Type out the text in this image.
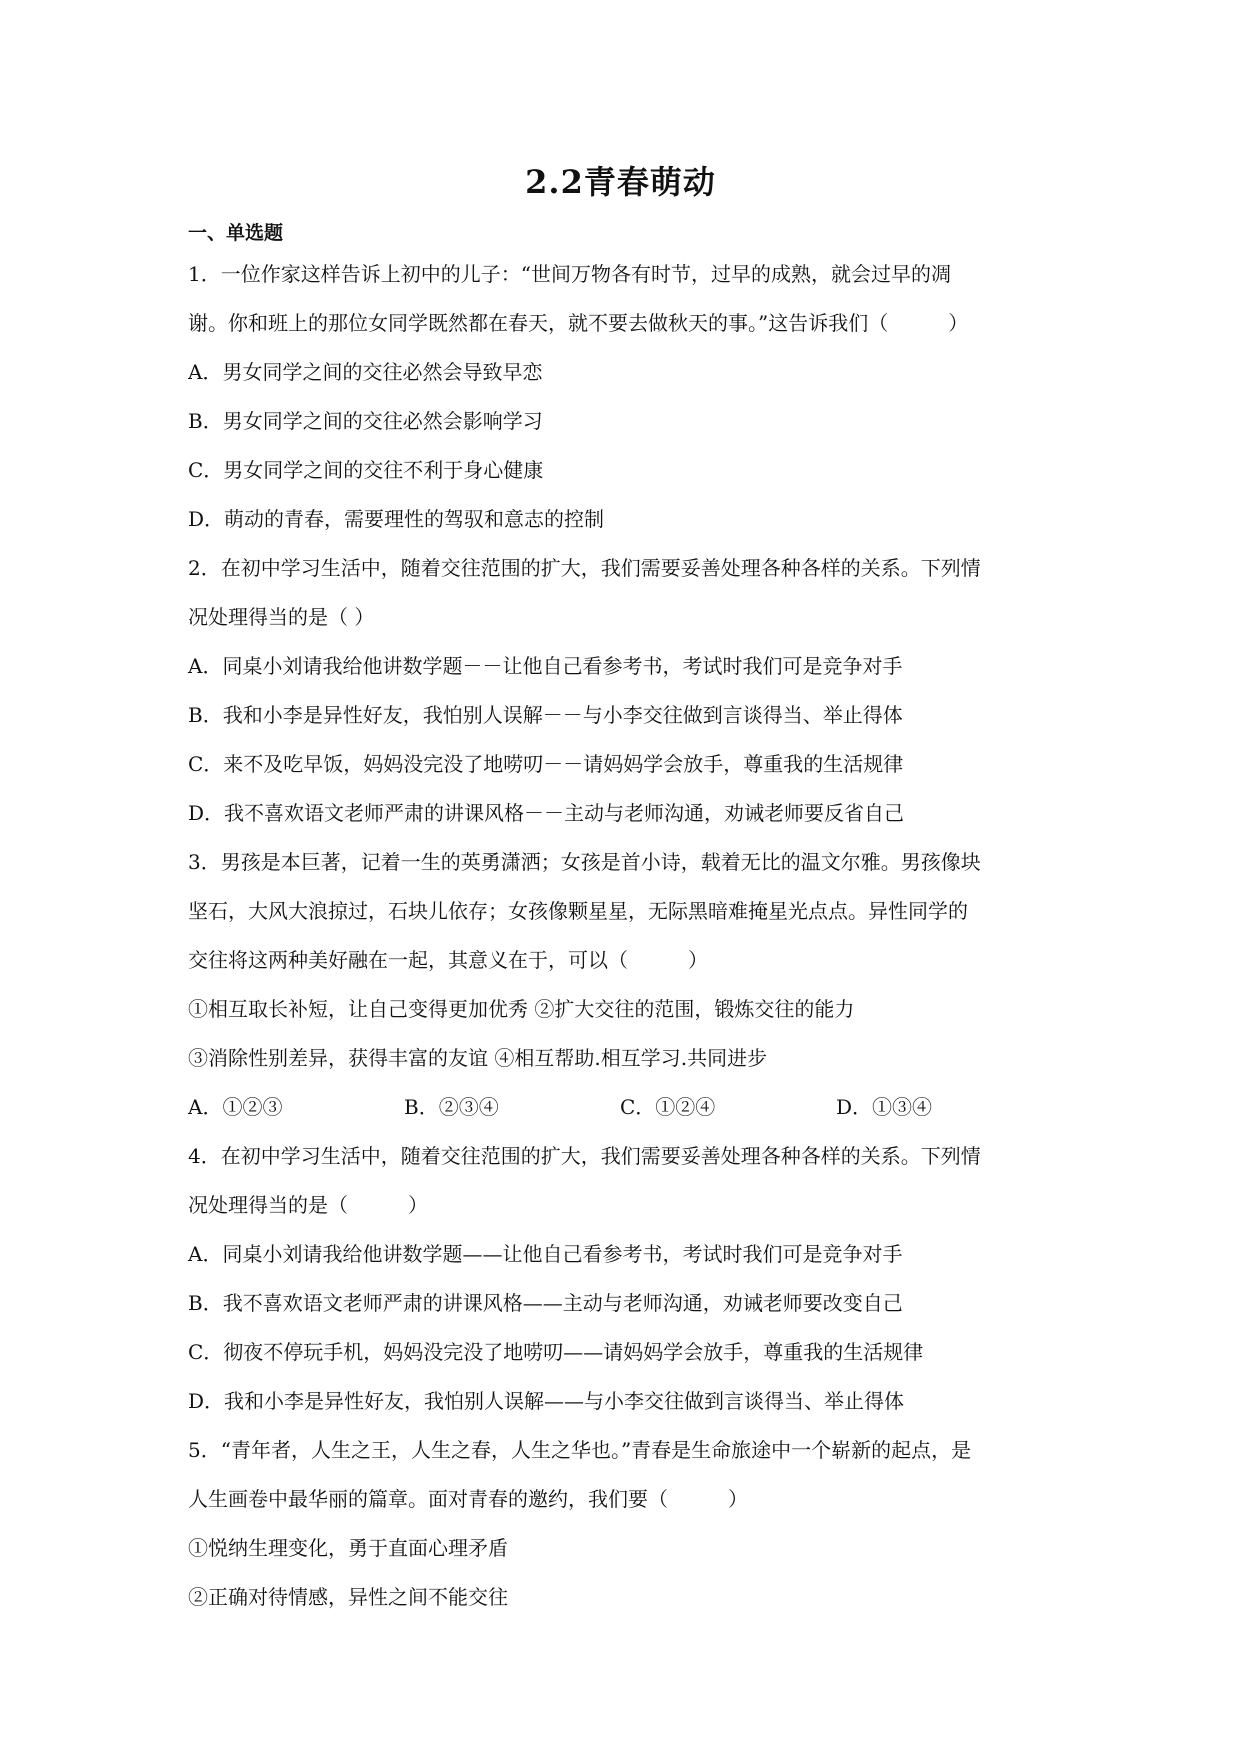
2.2青春萌动
一、单选题
1．一位作家这样告诉上初中的儿子：“世间万物各有时节，过早的成熟，就会过早的凋
谢。你和班上的那位女同学既然都在春天，就不要去做秋天的事。”这告诉我们（　　　）
A．男女同学之间的交往必然会导致早恋
B．男女同学之间的交往必然会影响学习
C．男女同学之间的交往不利于身心健康
D．萌动的青春，需要理性的驾驭和意志的控制
2．在初中学习生活中，随着交往范围的扩大，我们需要妥善处理各种各样的关系。下列情
况处理得当的是（ ）
A．同桌小刘请我给他讲数学题－－让他自己看参考书，考试时我们可是竞争对手
B．我和小李是异性好友，我怕别人误解－－与小李交往做到言谈得当、举止得体
C．来不及吃早饭，妈妈没完没了地唠叨－－请妈妈学会放手，尊重我的生活规律
D．我不喜欢语文老师严肃的讲课风格－－主动与老师沟通，劝诫老师要反省自己
3．男孩是本巨著，记着一生的英勇潇洒；女孩是首小诗，载着无比的温文尔雅。男孩像块
坚石，大风大浪掠过，石块儿依存；女孩像颗星星，无际黑暗难掩星光点点。异性同学的
交往将这两种美好融在一起，其意义在于，可以（　　　）
①相互取长补短，让自己变得更加优秀 ②扩大交往的范围，锻炼交往的能力
③消除性别差异，获得丰富的友谊 ④相互帮助.相互学习.共同进步
A．①②③	B．②③④	C．①②④	D．①③④
4．在初中学习生活中，随着交往范围的扩大，我们需要妥善处理各种各样的关系。下列情
况处理得当的是（　　　）
A．同桌小刘请我给他讲数学题——让他自己看参考书，考试时我们可是竞争对手
B．我不喜欢语文老师严肃的讲课风格——主动与老师沟通，劝诫老师要改变自己
C．彻夜不停玩手机，妈妈没完没了地唠叨——请妈妈学会放手，尊重我的生活规律
D．我和小李是异性好友，我怕别人误解——与小李交往做到言谈得当、举止得体
5．“青年者，人生之王，人生之春，人生之华也。”青春是生命旅途中一个崭新的起点，是
人生画卷中最华丽的篇章。面对青春的邀约，我们要（　　　）
①悦纳生理变化，勇于直面心理矛盾
②正确对待情感，异性之间不能交往
